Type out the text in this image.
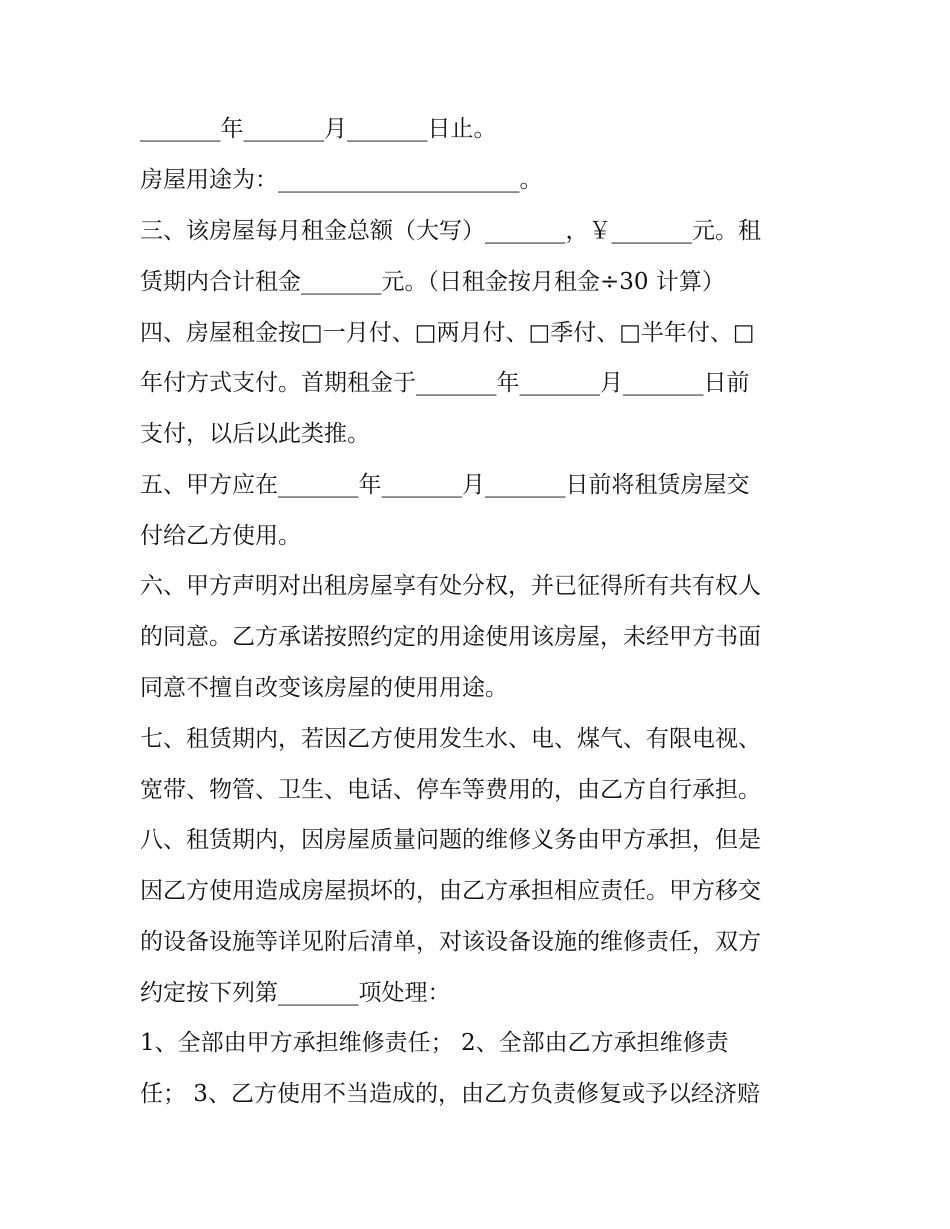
_______年_______月_______日止。

房屋用途为：_____________________。

三、该房屋每月租金总额（大写）_______，￥_______元。租

赁期内合计租金_______元。（日租金按月租金÷30 计算）

四、房屋租金按□一月付、□两月付、□季付、□半年付、□

年付方式支付。首期租金于_______年_______月_______日前

支付，以后以此类推。

五、甲方应在_______年_______月_______日前将租赁房屋交

付给乙方使用。

六、甲方声明对出租房屋享有处分权，并已征得所有共有权人

的同意。乙方承诺按照约定的用途使用该房屋，未经甲方书面

同意不擅自改变该房屋的使用用途。

七、租赁期内，若因乙方使用发生水、电、煤气、有限电视、

宽带、物管、卫生、电话、停车等费用的，由乙方自行承担。

八、租赁期内，因房屋质量问题的维修义务由甲方承担，但是

因乙方使用造成房屋损坏的，由乙方承担相应责任。甲方移交

的设备设施等详见附后清单，对该设备设施的维修责任，双方

约定按下列第_______项处理：

1、全部由甲方承担维修责任； 2、全部由乙方承担维修责

任； 3、乙方使用不当造成的，由乙方负责修复或予以经济赔
